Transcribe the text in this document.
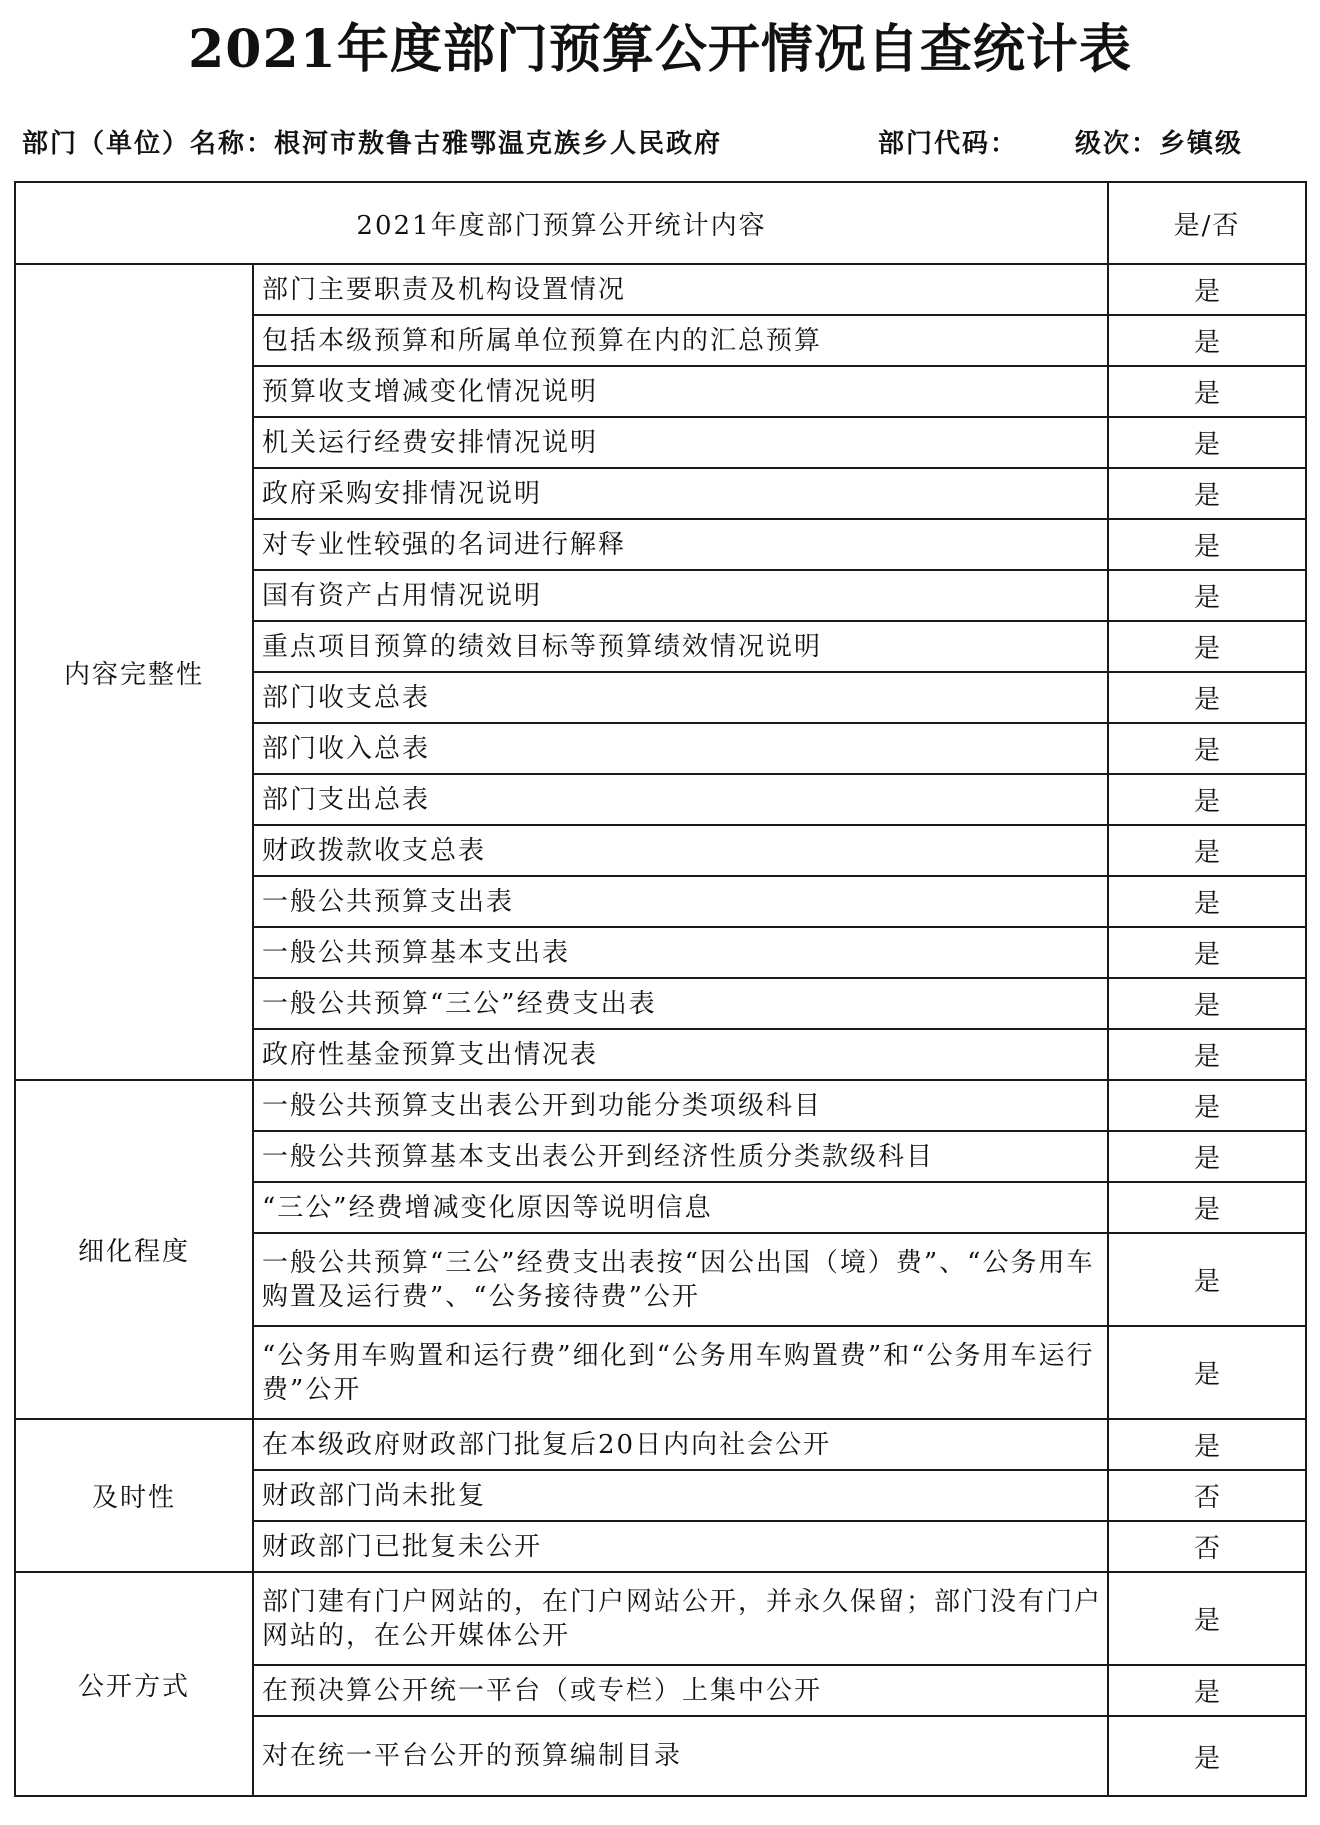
2021年度部门预算公开情况自查统计表
部门（单位）名称：根河市敖鲁古雅鄂温克族乡人民政府	部门代码： 级次：乡镇级
2021年度部门预算公开统计内容		是/否
内容完整性	部门主要职责及机构设置情况	是
	包括本级预算和所属单位预算在内的汇总预算	是
	预算收支增减变化情况说明	是
	机关运行经费安排情况说明	是
	政府采购安排情况说明	是
	对专业性较强的名词进行解释	是
	国有资产占用情况说明	是
	重点项目预算的绩效目标等预算绩效情况说明	是
	部门收支总表	是
	部门收入总表	是
	部门支出总表	是
	财政拨款收支总表	是
	一般公共预算支出表	是
	一般公共预算基本支出表	是
	一般公共预算“三公”经费支出表	是
	政府性基金预算支出情况表	是
细化程度	一般公共预算支出表公开到功能分类项级科目	是
	一般公共预算基本支出表公开到经济性质分类款级科目	是
	“三公”经费增减变化原因等说明信息	是
	一般公共预算“三公”经费支出表按“因公出国（境）费”、“公务用车购置及运行费”、“公务接待费”公开	是
	“公务用车购置和运行费”细化到“公务用车购置费”和“公务用车运行费”公开	是
及时性	在本级政府财政部门批复后20日内向社会公开	是
	财政部门尚未批复	否
	财政部门已批复未公开	否
公开方式	部门建有门户网站的，在门户网站公开，并永久保留；部门没有门户网站的，在公开媒体公开	是
	在预决算公开统一平台（或专栏）上集中公开	是
	对在统一平台公开的预算编制目录	是
